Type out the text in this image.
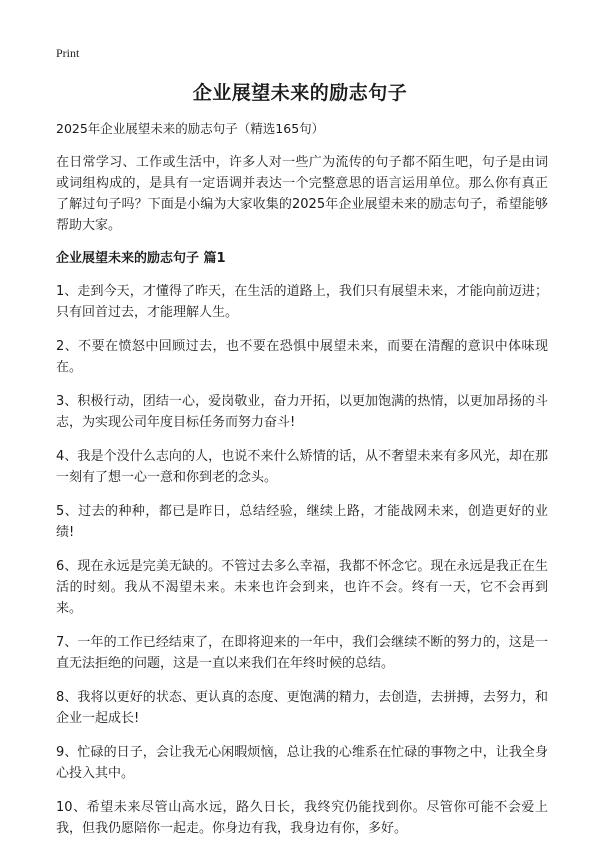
Print
企业展望未来的励志句子

2025年企业展望未来的励志句子（精选165句）

在日常学习、工作或生活中，许多人对一些广为流传的句子都不陌生吧，句子是由词或词组构成的，是具有一定语调并表达一个完整意思的语言运用单位。那么你有真正了解过句子吗？下面是小编为大家收集的2025年企业展望未来的励志句子，希望能够帮助大家。

企业展望未来的励志句子 篇1

1、走到今天，才懂得了昨天，在生活的道路上，我们只有展望未来，才能向前迈进；只有回首过去，才能理解人生。

2、不要在愤怒中回顾过去，也不要在恐惧中展望未来，而要在清醒的意识中体味现在。

3、积极行动，团结一心，爱岗敬业，奋力开拓，以更加饱满的热情，以更加昂扬的斗志，为实现公司年度目标任务而努力奋斗!

4、我是个没什么志向的人，也说不来什么矫情的话，从不奢望未来有多风光，却在那一刻有了想一心一意和你到老的念头。

5、过去的种种，都已是昨日，总结经验，继续上路，才能战网未来，创造更好的业绩!

6、现在永远是完美无缺的。不管过去多么幸福，我都不怀念它。现在永远是我正在生活的时刻。我从不渴望未来。未来也许会到来，也许不会。终有一天，它不会再到来。

7、一年的工作已经结束了，在即将迎来的一年中，我们会继续不断的努力的，这是一直无法拒绝的问题，这是一直以来我们在年终时候的总结。

8、我将以更好的状态、更认真的态度、更饱满的精力，去创造，去拼搏，去努力，和企业一起成长!

9、忙碌的日子，会让我无心闲暇烦恼，总让我的心维系在忙碌的事物之中，让我全身心投入其中。

10、希望未来尽管山高水远，路久日长，我终究仍能找到你。尽管你可能不会爱上我，但我仍愿陪你一起走。你身边有我，我身边有你，多好。
